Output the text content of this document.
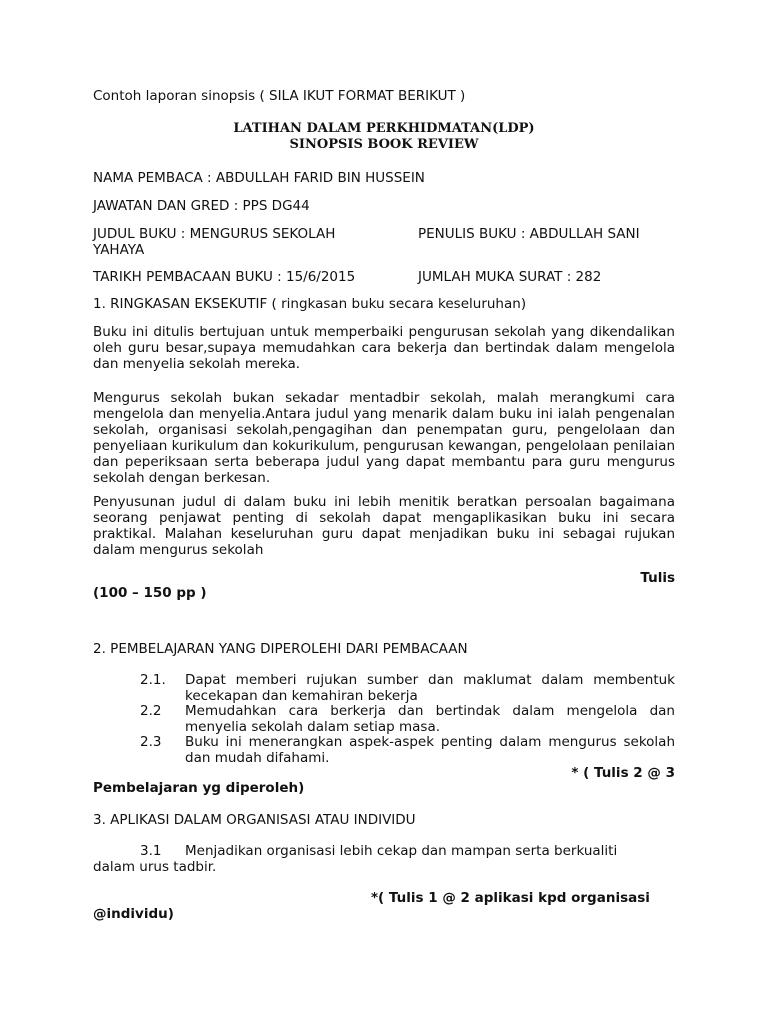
Contoh laporan sinopsis ( SILA IKUT FORMAT BERIKUT )
LATIHAN DALAM PERKHIDMATAN(LDP)
SINOPSIS BOOK REVIEW
NAMA PEMBACA : ABDULLAH FARID BIN HUSSEIN
JAWATAN DAN GRED : PPS DG44
JUDUL BUKU : MENGURUS SEKOLAH	PENULIS BUKU : ABDULLAH SANI
YAHAYA
TARIKH PEMBACAAN BUKU : 15/6/2015	JUMLAH MUKA SURAT : 282
1. RINGKASAN EKSEKUTIF ( ringkasan buku secara keseluruhan)
Buku ini ditulis bertujuan untuk memperbaiki pengurusan sekolah yang dikendalikan oleh guru besar,supaya memudahkan cara bekerja dan bertindak dalam mengelola dan menyelia sekolah mereka.
Mengurus sekolah bukan sekadar mentadbir sekolah, malah merangkumi cara mengelola dan menyelia.Antara judul yang menarik dalam buku ini ialah pengenalan sekolah, organisasi sekolah,pengagihan dan penempatan guru, pengelolaan dan penyeliaan kurikulum dan kokurikulum, pengurusan kewangan, pengelolaan penilaian dan peperiksaan serta beberapa judul yang dapat membantu para guru mengurus sekolah dengan berkesan.
Penyusunan judul di dalam buku ini lebih menitik beratkan persoalan bagaimana seorang penjawat penting di sekolah dapat mengaplikasikan buku ini secara praktikal. Malahan keseluruhan guru dapat menjadikan buku ini sebagai rujukan dalam mengurus sekolah
Tulis
(100 – 150 pp )
2. PEMBELAJARAN YANG DIPEROLEHI DARI PEMBACAAN
2.1. Dapat memberi rujukan sumber dan maklumat dalam membentuk kecekapan dan kemahiran bekerja
2.2 Memudahkan cara berkerja dan bertindak dalam mengelola dan menyelia sekolah dalam setiap masa.
2.3 Buku ini menerangkan aspek-aspek penting dalam mengurus sekolah dan mudah difahami.
* ( Tulis 2 @ 3
Pembelajaran yg diperoleh)
3. APLIKASI DALAM ORGANISASI ATAU INDIVIDU
3.1 Menjadikan organisasi lebih cekap dan mampan serta berkualiti
dalam urus tadbir.
*( Tulis 1 @ 2 aplikasi kpd organisasi
@individu)
